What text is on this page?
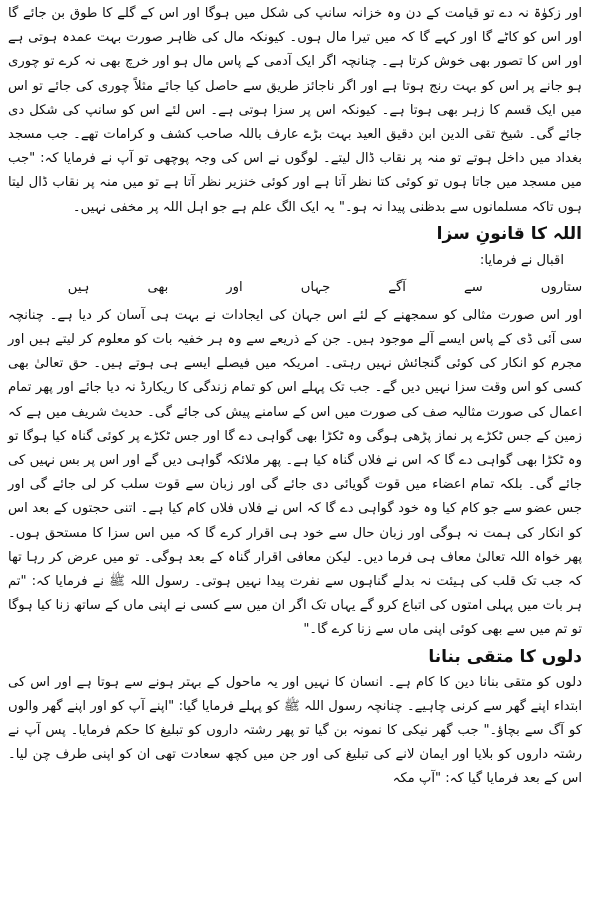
اور زکوٰۃ نہ دے تو قیامت کے دن وہ خزانہ سانپ کی شکل میں ہوگا اور اس کے گلے کا طوق بن جائے گا اور اس کو کاٹے گا اور کہے گا کہ میں تیرا مال ہوں۔ کیونکہ مال کی ظاہر صورت بہت عمدہ ہوتی ہے اور اس کا تصور بھی خوش کرتا ہے۔ چنانچہ اگر ایک آدمی کے پاس مال ہو اور خرچ بھی نہ کرے تو چوری ہو جانے پر اس کو بہت رنج ہوتا ہے اور اگر ناجائز طریق سے حاصل کیا جائے مثلاً چوری کی جائے تو اس میں ایک قسم کا زہر بھی ہوتا ہے۔ کیونکہ اس پر سزا ہوتی ہے۔ اس لئے اس کو سانپ کی شکل دی جائے گی۔ شیخ تقی الدین ابن دقیق العید بہت بڑے عارف باللہ صاحب کشف و کرامات تھے۔ جب مسجد بغداد میں داخل ہوتے تو منہ پر نقاب ڈال لیتے۔ لوگوں نے اس کی وجہ پوچھی تو آپ نے فرمایا کہ: "جب میں مسجد میں جاتا ہوں تو کوئی کتا نظر آتا ہے اور کوئی خنزیر نظر آتا ہے تو میں منہ پر نقاب ڈال لیتا ہوں تاکہ مسلمانوں سے بدظنی پیدا نہ ہو۔" یہ ایک الگ علم ہے جو اہل اللہ پر مخفی نہیں۔

اللہ کا قانونِ سزا

اقبال نے فرمایا:

ستاروں
سے
آگے
جہاں
اور
بھی
ہیں

اور اس صورت مثالی کو سمجھنے کے لئے اس جہان کی ایجادات نے بہت ہی آسان کر دیا ہے۔ چنانچہ سی آئی ڈی کے پاس ایسے آلے موجود ہیں۔ جن کے ذریعے سے وہ ہر خفیہ بات کو معلوم کر لیتے ہیں اور مجرم کو انکار کی کوئی گنجائش نہیں رہتی۔ امریکہ میں فیصلے ایسے ہی ہوتے ہیں۔ حق تعالیٰ بھی کسی کو اس وقت سزا نہیں دیں گے۔ جب تک پہلے اس کو تمام زندگی کا ریکارڈ نہ دیا جائے اور پھر تمام اعمال کی صورت مثالیہ صف کی صورت میں اس کے سامنے پیش کی جائے گی۔ حدیث شریف میں ہے کہ زمین کے جس ٹکڑے پر نماز پڑھی ہوگی وہ ٹکڑا بھی گواہی دے گا اور جس ٹکڑے پر کوئی گناہ کیا ہوگا تو وہ ٹکڑا بھی گواہی دے گا کہ اس نے فلاں گناہ کیا ہے۔ پھر ملائکہ گواہی دیں گے اور اس پر بس نہیں کی جائے گی۔ بلکہ تمام اعضاء میں قوت گویائی دی جائے گی اور زبان سے قوت سلب کر لی جائے گی اور جس عضو سے جو کام کیا وہ خود گواہی دے گا کہ اس نے فلاں فلاں کام کیا ہے۔ اتنی حجتوں کے بعد اس کو انکار کی ہمت نہ ہوگی اور زبان حال سے خود ہی اقرار کرے گا کہ میں اس سزا کا مستحق ہوں۔ پھر خواہ اللہ تعالیٰ معاف ہی فرما دیں۔ لیکن معافی اقرار گناہ کے بعد ہوگی۔ تو میں عرض کر رہا تھا کہ جب تک قلب کی ہیئت نہ بدلے گناہوں سے نفرت پیدا نہیں ہوتی۔ رسول اللہ ﷺ نے فرمایا کہ: "تم ہر بات میں پہلی امتوں کی اتباع کرو گے یہاں تک اگر ان میں سے کسی نے اپنی ماں کے ساتھ زنا کیا ہوگا تو تم میں سے بھی کوئی اپنی ماں سے زنا کرے گا۔"

دلوں کا متقی بنانا

دلوں کو متقی بنانا دین کا کام ہے۔ انسان کا نہیں اور یہ ماحول کے بہتر ہونے سے ہوتا ہے اور اس کی ابتداء اپنے گھر سے کرنی چاہیے۔ چنانچہ رسول اللہ ﷺ کو پہلے فرمایا گیا: "اپنے آپ کو اور اپنے گھر والوں کو آگ سے بچاؤ۔" جب گھر نیکی کا نمونہ بن گیا تو پھر رشتہ داروں کو تبلیغ کا حکم فرمایا۔ پس آپ نے رشتہ داروں کو بلایا اور ایمان لانے کی تبلیغ کی اور جن میں کچھ سعادت تھی ان کو اپنی طرف چن لیا۔ اس کے بعد فرمایا گیا کہ: "آپ مکہ
